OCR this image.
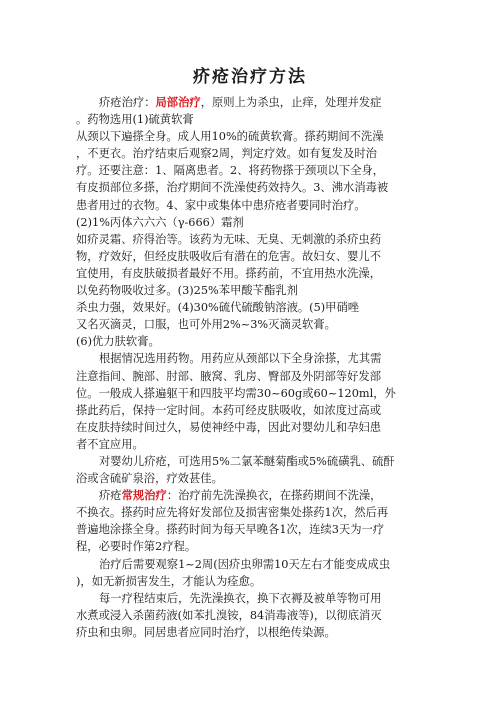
疥疮治疗方法
疥疮治疗：局部治疗，原则上为杀虫，止痒，处理并发症
。药物选用(1)硫黄软膏
从颈以下遍搽全身。成人用10%的硫黄软膏。搽药期间不洗澡
，不更衣。治疗结束后观察2周，判定疗效。如有复发及时治
疗。还要注意：1、隔离患者。2、将药物搽于颈项以下全身，
有皮损部位多搽，治疗期间不洗澡使药效持久。3、沸水消毒被
患者用过的衣物。4、家中或集体中患疥疮者要同时治疗。
(2)1%丙体六六六（γ-666）霜剂
如疥灵霜、疥得治等。该药为无味、无臭、无刺激的杀疥虫药
物，疗效好，但经皮肤吸收后有潜在的危害。故妇女、婴儿不
宜使用，有皮肤破损者最好不用。搽药前，不宜用热水洗澡，
以免药物吸收过多。(3)25%苯甲酸苄酯乳剂
杀虫力强，效果好。(4)30%硫代硫酸钠溶液。(5)甲硝唑
又名灭滴灵，口服，也可外用2%~3%灭滴灵软膏。
(6)优力肤软膏。
根据情况选用药物。用药应从颈部以下全身涂搽，尤其需
注意指间、腕部、肘部、腋窝、乳房、臀部及外阴部等好发部
位。一般成人搽遍躯干和四肢平均需30~60g或60~120ml，外
搽此药后，保持一定时间。本药可经皮肤吸收，如浓度过高或
在皮肤持续时间过久，易使神经中毒，因此对婴幼儿和孕妇患
者不宜应用。
对婴幼儿疥疮，可选用5%二氯苯醚菊酯或5%硫磺乳、硫酐
浴或含硫矿泉浴，疗效甚佳。
疥疮常规治疗：治疗前先洗澡换衣，在搽药期间不洗澡，
不换衣。搽药时应先将好发部位及损害密集处搽药1次，然后再
普遍地涂搽全身。搽药时间为每天早晚各1次，连续3天为一疗
程，必要时作第2疗程。
治疗后需要观察1~2周(因疥虫卵需10天左右才能变成成虫
)，如无新损害发生，才能认为痊愈。
每一疗程结束后，先洗澡换衣，换下衣褥及被单等物可用
水煮或浸入杀菌药液(如苯扎溴铵，84消毒液等)，以彻底消灭
疥虫和虫卵。同居患者应同时治疗，以根绝传染源。
